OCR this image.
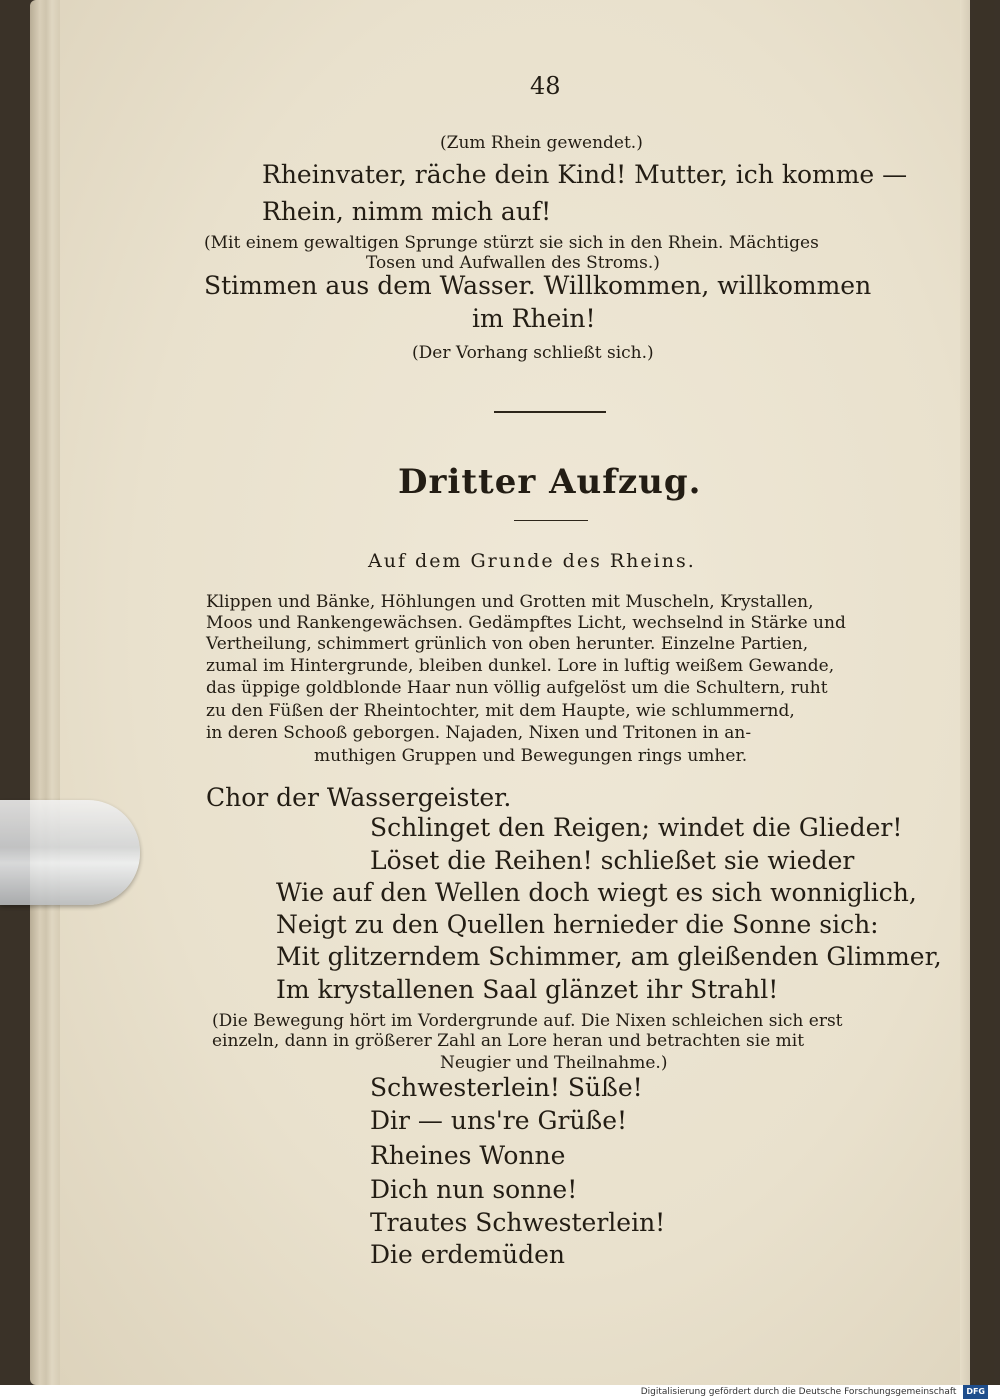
48
(Zum Rhein gewendet.)
Rheinvater, räche dein Kind! Mutter, ich komme —
Rhein, nimm mich auf!
(Mit einem gewaltigen Sprunge stürzt sie sich in den Rhein. Mächtiges
Tosen und Aufwallen des Stroms.)
Stimmen aus dem Wasser. Willkommen, willkommen
im Rhein!
(Der Vorhang schließt sich.)
Dritter Aufzug.
Auf dem Grunde des Rheins.
Klippen und Bänke, Höhlungen und Grotten mit Muscheln, Krystallen,
Moos und Rankengewächsen. Gedämpftes Licht, wechselnd in Stärke und
Vertheilung, schimmert grünlich von oben herunter. Einzelne Partien,
zumal im Hintergrunde, bleiben dunkel. Lore in luftig weißem Gewande,
das üppige goldblonde Haar nun völlig aufgelöst um die Schultern, ruht
zu den Füßen der Rheintochter, mit dem Haupte, wie schlummernd,
in deren Schooß geborgen. Najaden, Nixen und Tritonen in an-
muthigen Gruppen und Bewegungen rings umher.
Chor der Wassergeister.
Schlinget den Reigen; windet die Glieder!
Löset die Reihen! schließet sie wieder
Wie auf den Wellen doch wiegt es sich wonniglich,
Neigt zu den Quellen hernieder die Sonne sich:
Mit glitzerndem Schimmer, am gleißenden Glimmer,
Im krystallenen Saal glänzet ihr Strahl!
(Die Bewegung hört im Vordergrunde auf. Die Nixen schleichen sich erst
einzeln, dann in größerer Zahl an Lore heran und betrachten sie mit
Neugier und Theilnahme.)
Schwesterlein! Süße!
Dir — uns're Grüße!
Rheines Wonne
Dich nun sonne!
Trautes Schwesterlein!
Die erdemüden
Digitalisierung gefördert durch die Deutsche Forschungsgemeinschaft DFG
